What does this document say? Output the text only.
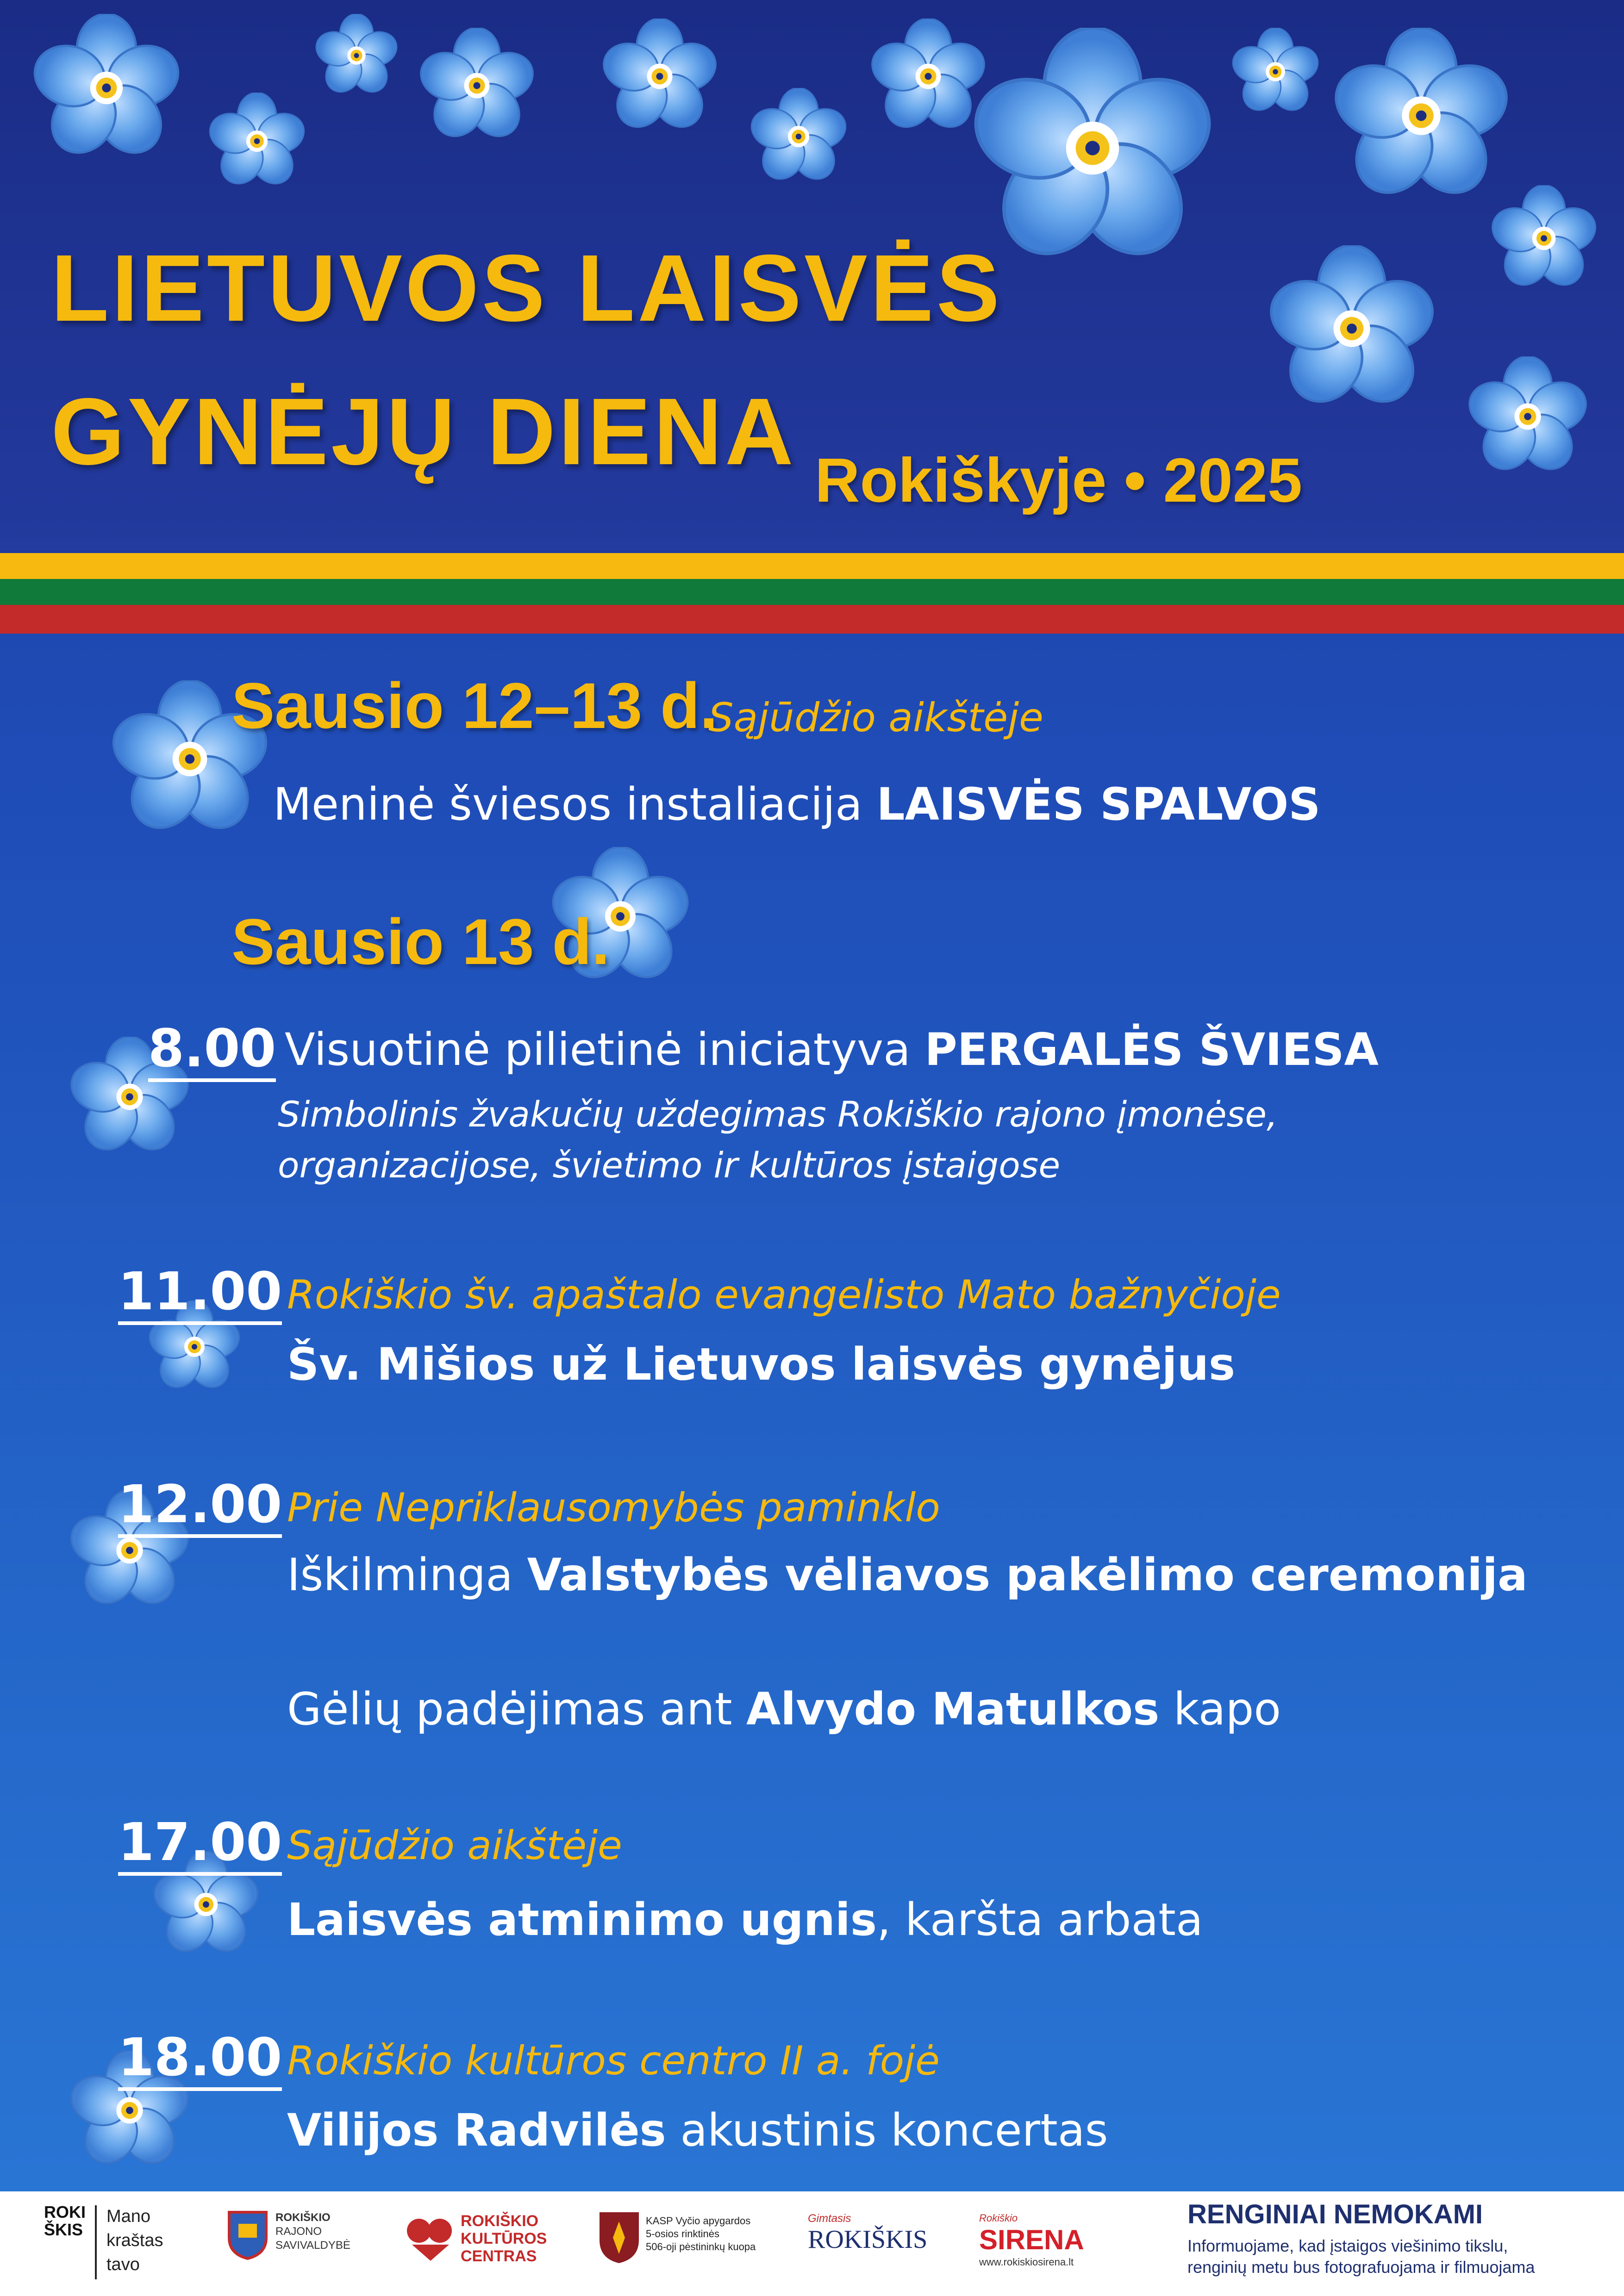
LIETUVOS LAISVĖS
GYNĖJŲ DIENA Rokiškyje • 2025
Sausio 12–13 d.
Sąjūdžio aikštėje
Meninė šviesos instaliacija LAISVĖS SPALVOS
Sausio 13 d.
8.00 Visuotinė pilietinė iniciatyva PERGALĖS ŠVIESA
Simbolinis žvakučių uždegimas Rokiškio rajono įmonėse,
organizacijose, švietimo ir kultūros įstaigose
11.00 Rokiškio šv. apaštalo evangelisto Mato bažnyčioje
Šv. Mišios už Lietuvos laisvės gynėjus
12.00 Prie Nepriklausomybės paminklo
Iškilminga Valstybės vėliavos pakėlimo ceremonija
Gėlių padėjimas ant Alvydo Matulkos kapo
17.00 Sąjūdžio aikštėje
Laisvės atminimo ugnis, karšta arbata
18.00 Rokiškio kultūros centro II a. fojė
Vilijos Radvilės akustinis koncertas
ROKIŠKIS
Mano
kraštas
tavo
ROKIŠKIO
RAJONO
SAVIVALDYBĖ
ROKIŠKIO
KULTŪROS
CENTRAS
KASP Vyčio apygardos
5-osios rinktinės
506-oji pėstininkų kuopa
Gimtasis
ROKIŠKIS
Rokiškio
SIRENA
www.rokiskiosirena.lt
RENGINIAI NEMOKAMI
Informuojame, kad įstaigos viešinimo tikslu,
renginių metu bus fotografuojama ir filmuojama
